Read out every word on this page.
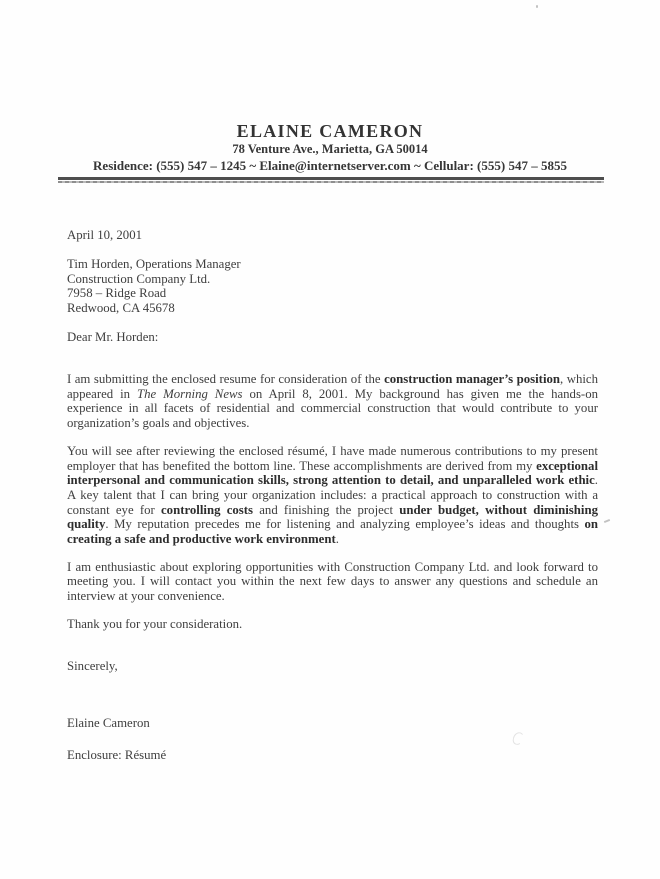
ELAINE CAMERON
78 Venture Ave., Marietta, GA 50014
Residence: (555) 547 – 1245 ~ Elaine@internetserver.com ~ Cellular: (555) 547 – 5855
April 10, 2001
Tim Horden, Operations Manager
Construction Company Ltd.
7958 – Ridge Road
Redwood, CA 45678
Dear Mr. Horden:

I am submitting the enclosed resume for consideration of the construction manager’s position, which appeared in The Morning News on April 8, 2001. My background has given me the hands-on experience in all facets of residential and commercial construction that would contribute to your organization’s goals and objectives.

You will see after reviewing the enclosed résumé, I have made numerous contributions to my present employer that has benefited the bottom line. These accomplishments are derived from my exceptional interpersonal and communication skills, strong attention to detail, and unparalleled work ethic. A key talent that I can bring your organization includes: a practical approach to construction with a constant eye for controlling costs and finishing the project under budget, without diminishing quality. My reputation precedes me for listening and analyzing employee’s ideas and thoughts on creating a safe and productive work environment.

I am enthusiastic about exploring opportunities with Construction Company Ltd. and look forward to meeting you. I will contact you within the next few days to answer any questions and schedule an interview at your convenience.

Thank you for your consideration.
Sincerely,
Elaine Cameron
Enclosure: Résumé
